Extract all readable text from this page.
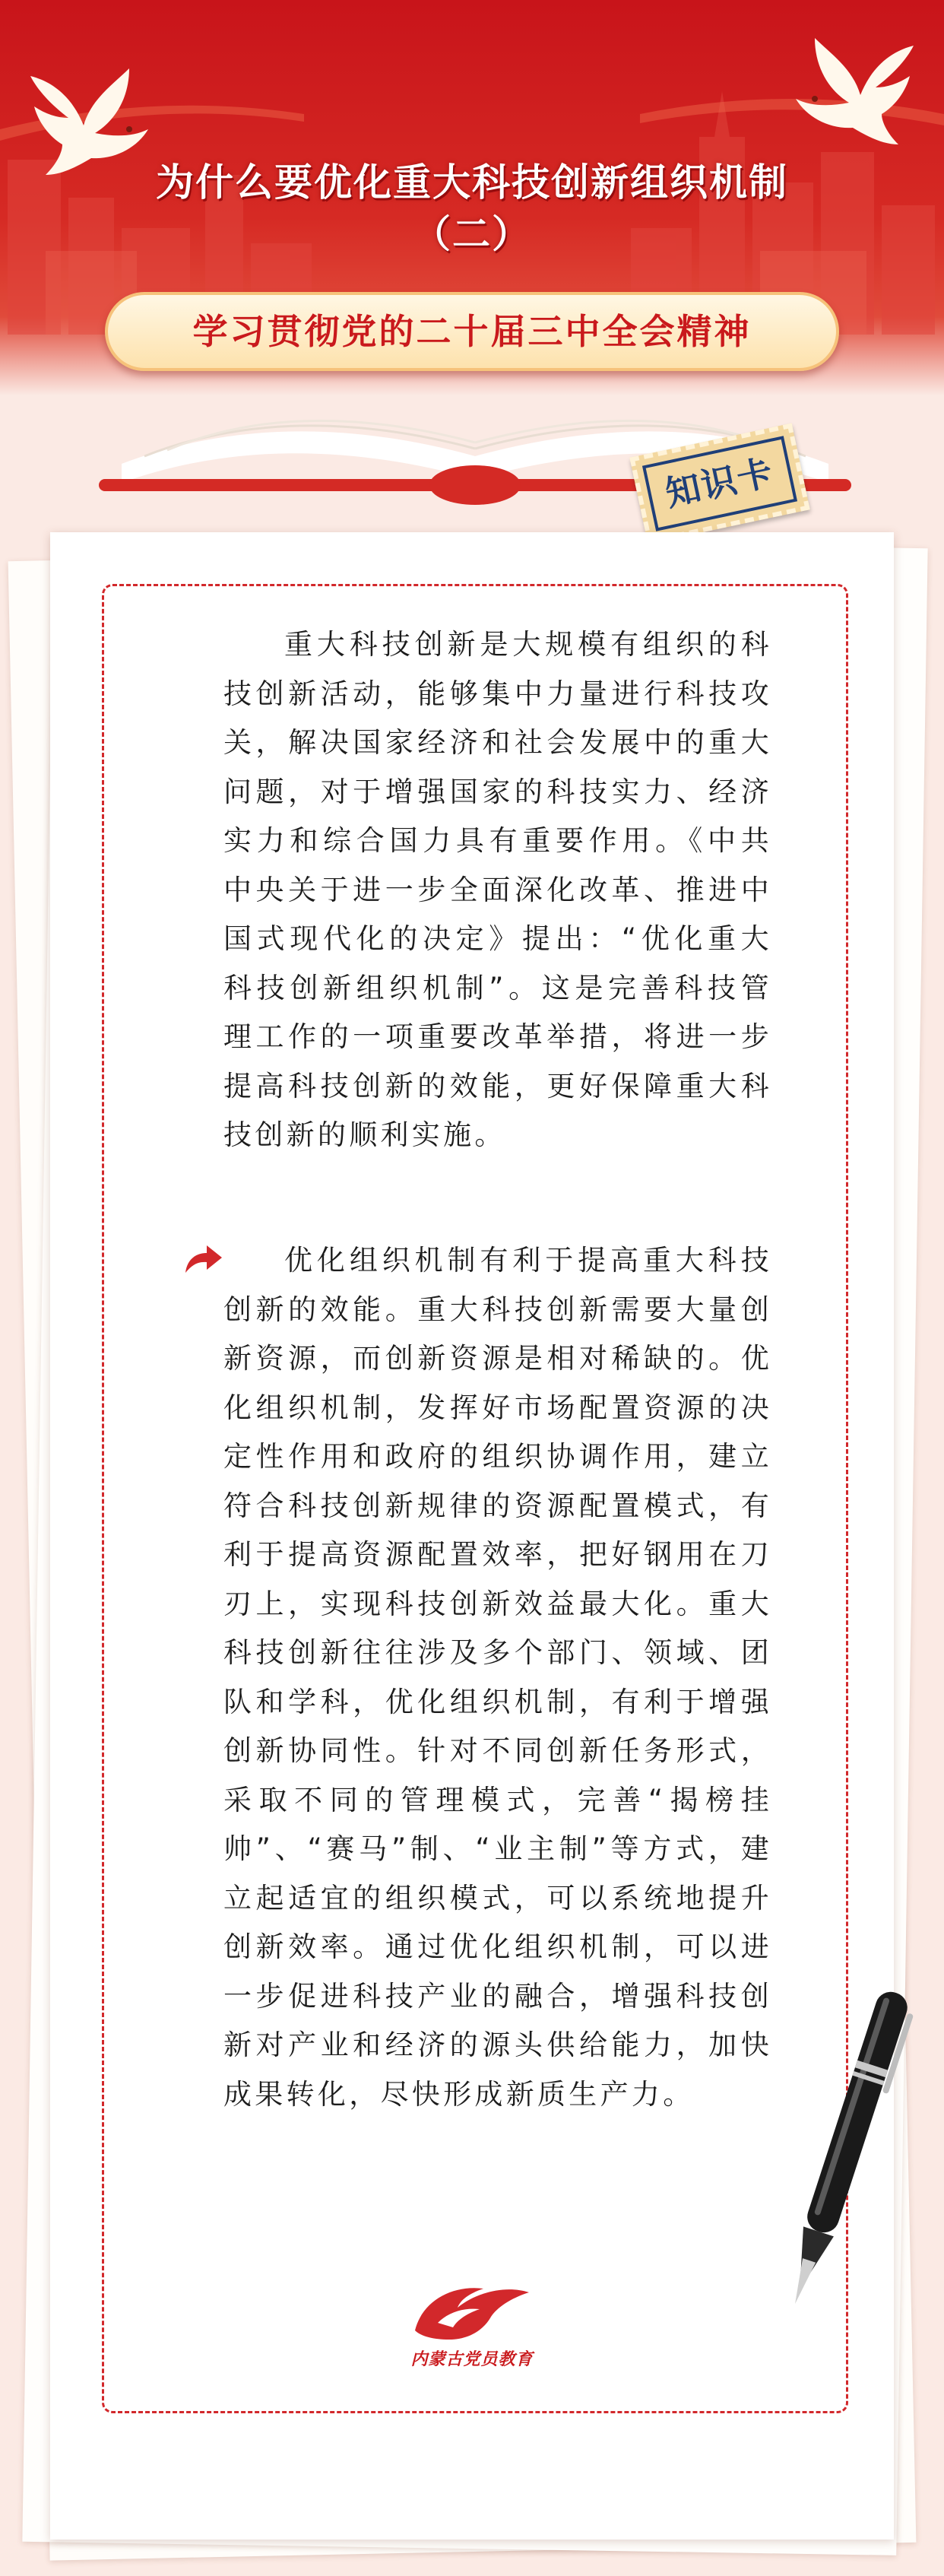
为什么要优化重大科技创新组织机制
（二）
学习贯彻党的二十届三中全会精神
知识卡

重大科技创新是大规模有组织的科技创新活动，能够集中力量进行科技攻关，解决国家经济和社会发展中的重大问题，对于增强国家的科技实力、经济实力和综合国力具有重要作用。《中共中央关于进一步全面深化改革、推进中国式现代化的决定》提出：“优化重大科技创新组织机制”。这是完善科技管理工作的一项重要改革举措，将进一步提高科技创新的效能，更好保障重大科技创新的顺利实施。

优化组织机制有利于提高重大科技创新的效能。重大科技创新需要大量创新资源，而创新资源是相对稀缺的。优化组织机制，发挥好市场配置资源的决定性作用和政府的组织协调作用，建立符合科技创新规律的资源配置模式，有利于提高资源配置效率，把好钢用在刀刃上，实现科技创新效益最大化。重大科技创新往往涉及多个部门、领域、团队和学科，优化组织机制，有利于增强创新协同性。针对不同创新任务形式，采取不同的管理模式，完善“揭榜挂帅”、“赛马”制、“业主制”等方式，建立起适宜的组织模式，可以系统地提升创新效率。通过优化组织机制，可以进一步促进科技产业的融合，增强科技创新对产业和经济的源头供给能力，加快成果转化，尽快形成新质生产力。

内蒙古党员教育
